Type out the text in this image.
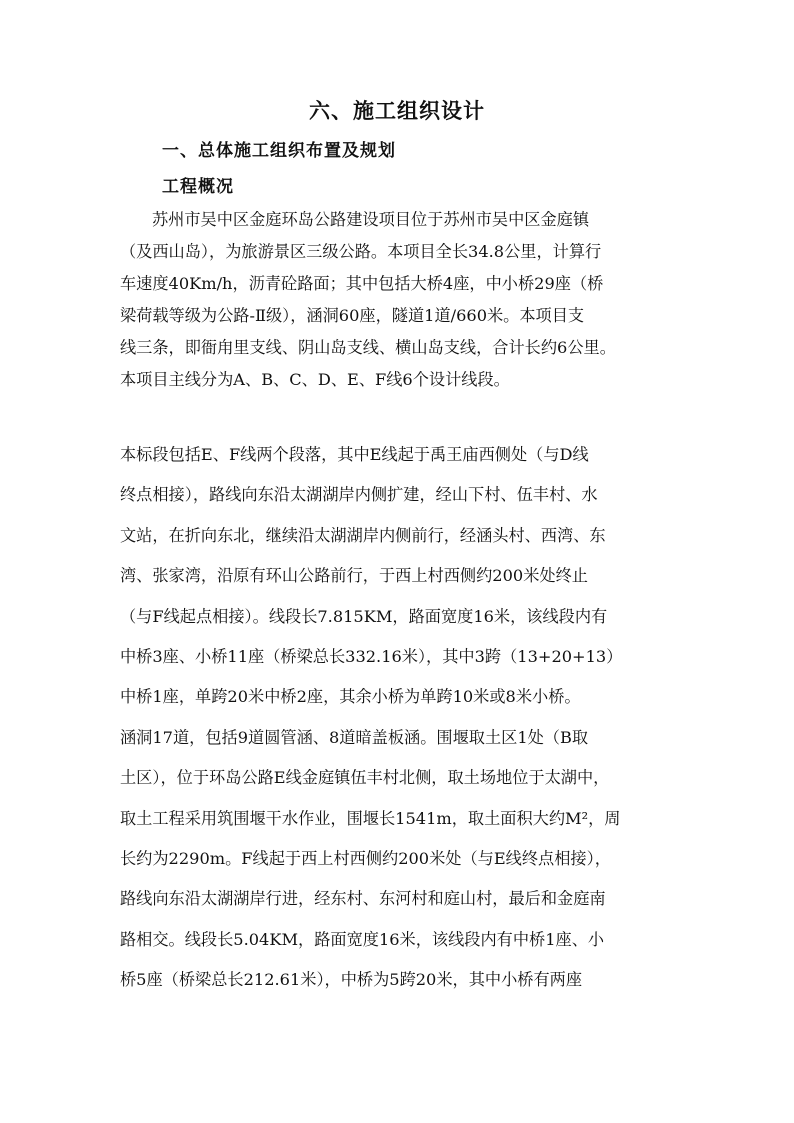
六、施工组织设计
一、总体施工组织布置及规划
工程概况
苏州市吴中区金庭环岛公路建设项目位于苏州市吴中区金庭镇
（及西山岛），为旅游景区三级公路。本项目全长34.8公里，计算行
车速度40Km/h，沥青砼路面；其中包括大桥4座，中小桥29座（桥
梁荷载等级为公路-Ⅱ级），涵洞60座，隧道1道/660米。本项目支
线三条，即衙甪里支线、阴山岛支线、横山岛支线，合计长约6公里。
本项目主线分为A、B、C、D、E、F线6个设计线段。
本标段包括E、F线两个段落，其中E线起于禹王庙西侧处（与D线
终点相接），路线向东沿太湖湖岸内侧扩建，经山下村、伍丰村、水
文站，在折向东北，继续沿太湖湖岸内侧前行，经涵头村、西湾、东
湾、张家湾，沿原有环山公路前行，于西上村西侧约200米处终止
（与F线起点相接）。线段长7.815KM，路面宽度16米，该线段内有
中桥3座、小桥11座（桥梁总长332.16米），其中3跨（13+20+13）
中桥1座，单跨20米中桥2座，其余小桥为单跨10米或8米小桥。
涵洞17道，包括9道圆管涵、8道暗盖板涵。围堰取土区1处（B取
土区），位于环岛公路E线金庭镇伍丰村北侧，取土场地位于太湖中，
取土工程采用筑围堰干水作业，围堰长1541m，取土面积大约M²，周
长约为2290m。F线起于西上村西侧约200米处（与E线终点相接），
路线向东沿太湖湖岸行进，经东村、东河村和庭山村，最后和金庭南
路相交。线段长5.04KM，路面宽度16米，该线段内有中桥1座、小
桥5座（桥梁总长212.61米），中桥为5跨20米，其中小桥有两座
